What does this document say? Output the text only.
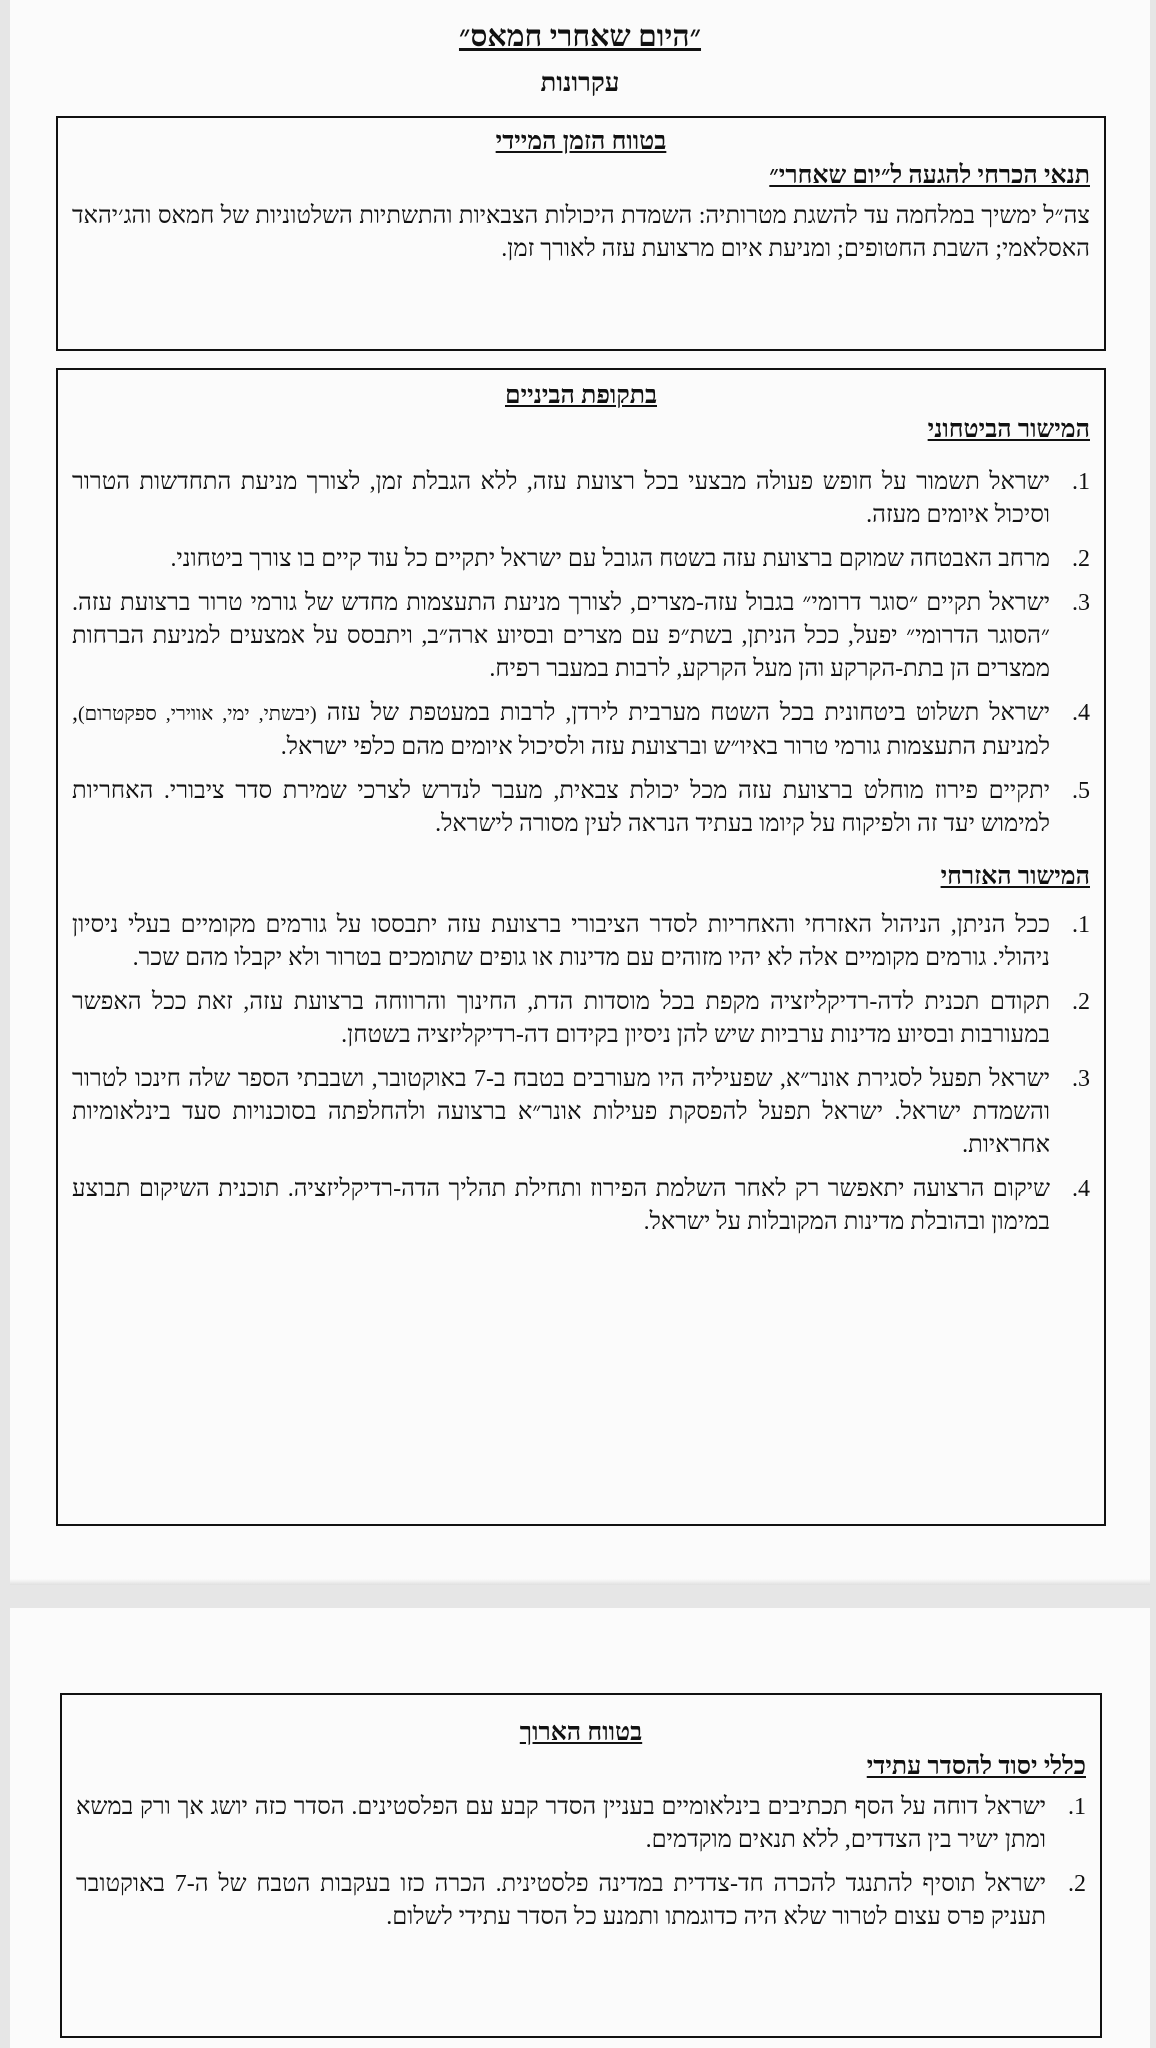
״היום שאחרי חמאס״
עקרונות
בטווח הזמן המיידי
תנאי הכרחי להגעה ל״יום שאחרי״

צה״ל ימשיך במלחמה עד להשגת מטרותיה: השמדת היכולות הצבאיות והתשתיות השלטוניות של חמאס והג׳יהאד האסלאמי; השבת החטופים; ומניעת איום מרצועת עזה לאורך זמן.

בתקופת הביניים
המישור הביטחוני
1.
ישראל תשמור על חופש פעולה מבצעי בכל רצועת עזה, ללא הגבלת זמן, לצורך מניעת התחדשות הטרור וסיכול איומים מעזה.
2.
מרחב האבטחה שמוקם ברצועת עזה בשטח הגובל עם ישראל יתקיים כל עוד קיים בו צורך ביטחוני.
3.
ישראל תקיים ״סוגר דרומי״ בגבול עזה-מצרים, לצורך מניעת התעצמות מחדש של גורמי טרור ברצועת עזה. ״הסוגר הדרומי״ יפעל, ככל הניתן, בשת״פ עם מצרים ובסיוע ארה״ב, ויתבסס על אמצעים למניעת הברחות ממצרים הן בתת-הקרקע והן מעל הקרקע, לרבות במעבר רפיח.
4.
ישראל תשלוט ביטחונית בכל השטח מערבית לירדן, לרבות במעטפת של עזה (יבשתי, ימי, אווירי, ספקטרום), למניעת התעצמות גורמי טרור באיו״ש וברצועת עזה ולסיכול איומים מהם כלפי ישראל.
5.
יתקיים פירוז מוחלט ברצועת עזה מכל יכולת צבאית, מעבר לנדרש לצרכי שמירת סדר ציבורי. האחריות למימוש יעד זה ולפיקוח על קיומו בעתיד הנראה לעין מסורה לישראל.
המישור האזרחי
1.
ככל הניתן, הניהול האזרחי והאחריות לסדר הציבורי ברצועת עזה יתבססו על גורמים מקומיים בעלי ניסיון ניהולי. גורמים מקומיים אלה לא יהיו מזוהים עם מדינות או גופים שתומכים בטרור ולא יקבלו מהם שכר.
2.
תקודם תכנית לדה-רדיקליזציה מקפת בכל מוסדות הדת, החינוך והרווחה ברצועת עזה, זאת ככל האפשר במעורבות ובסיוע מדינות ערביות שיש להן ניסיון בקידום דה-רדיקליזציה בשטחן.
3.
ישראל תפעל לסגירת אונר״א, שפעיליה היו מעורבים בטבח ב-7 באוקטובר, ושבבתי הספר שלה חינכו לטרור והשמדת ישראל. ישראל תפעל להפסקת פעילות אונר״א ברצועה ולהחלפתה בסוכנויות סעד בינלאומיות אחראיות.
4.
שיקום הרצועה יתאפשר רק לאחר השלמת הפירוז ותחילת תהליך הדה-רדיקליזציה. תוכנית השיקום תבוצע במימון ובהובלת מדינות המקובלות על ישראל.
בטווח הארוך
כללי יסוד להסדר עתידי
1.
ישראל דוחה על הסף תכתיבים בינלאומיים בעניין הסדר קבע עם הפלסטינים. הסדר כזה יושג אך ורק במשא ומתן ישיר בין הצדדים, ללא תנאים מוקדמים.
2.
ישראל תוסיף להתנגד להכרה חד-צדדית במדינה פלסטינית. הכרה כזו בעקבות הטבח של ה-7 באוקטובר תעניק פרס עצום לטרור שלא היה כדוגמתו ותמנע כל הסדר עתידי לשלום.
